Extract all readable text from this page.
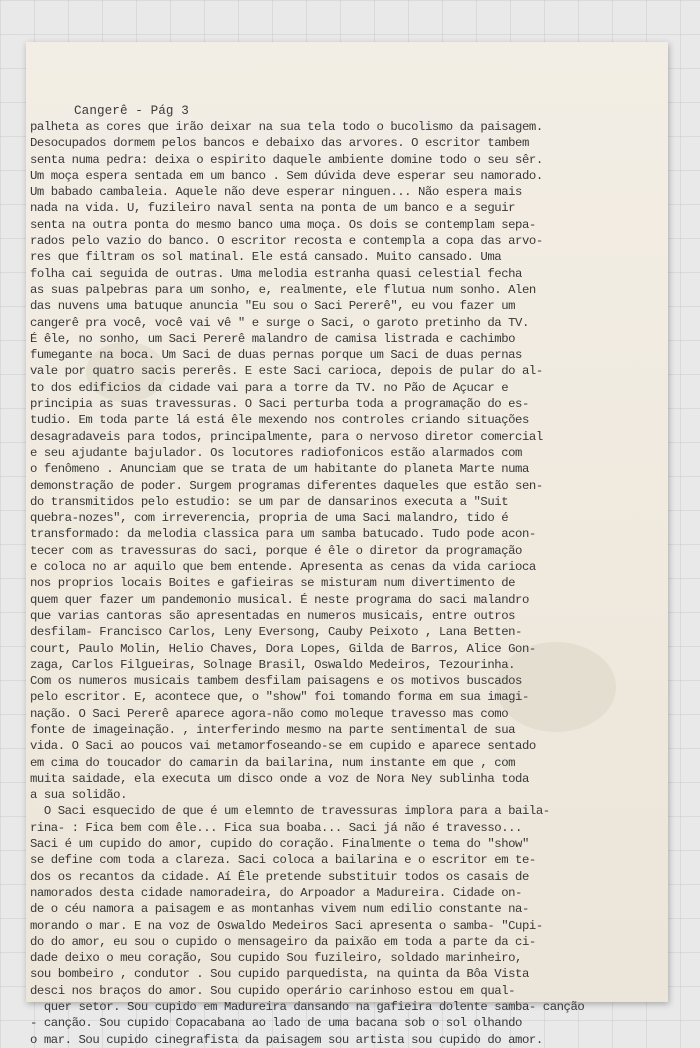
Cangerê - Pág 3
palheta as cores que irão deixar na sua tela todo o bucolismo da paisagem.
Desocupados dormem pelos bancos e debaixo das arvores. O escritor tambem
senta numa pedra: deixa o espirito daquele ambiente domine todo o seu sêr.
Um moça espera sentada em um banco . Sem dúvida deve esperar seu namorado.
Um babado cambaleia. Aquele não deve esperar ninguen... Não espera mais
nada na vida. U, fuzileiro naval senta na ponta de um banco e a seguir
senta na outra ponta do mesmo banco uma moça. Os dois se contemplam sepa-
rados pelo vazio do banco. O escritor recosta e contempla a copa das arvo-
res que filtram os sol matinal. Ele está cansado. Muito cansado. Uma
folha cai seguida de outras. Uma melodia estranha quasi celestial fecha
as suas palpebras para um sonho, e, realmente, ele flutua num sonho. Alen
das nuvens uma batuque anuncia "Eu sou o Saci Pererê", eu vou fazer um
cangerê pra você, você vai vê " e surge o Saci, o garoto pretinho da TV.
É êle, no sonho, um Saci Pererê malandro de camisa listrada e cachimbo
fumegante na boca. Um Saci de duas pernas porque um Saci de duas pernas
vale por quatro sacis pererês. E este Saci carioca, depois de pular do al-
to dos edificios da cidade vai para a torre da TV. no Pão de Açucar e
principia as suas travessuras. O Saci perturba toda a programação do es-
tudio. Em toda parte lá está êle mexendo nos controles criando situações
desagradaveis para todos, principalmente, para o nervoso diretor comercial
e seu ajudante bajulador. Os locutores radiofonicos estão alarmados com
o fenômeno . Anunciam que se trata de um habitante do planeta Marte numa
demonstração de poder. Surgem programas diferentes daqueles que estão sen-
do transmitidos pelo estudio: se um par de dansarinos executa a "Suit
quebra-nozes", com irreverencia, propria de uma Saci malandro, tido é
transformado: da melodia classica para um samba batucado. Tudo pode acon-
tecer com as travessuras do saci, porque é êle o diretor da programação
e coloca no ar aquilo que bem entende. Apresenta as cenas da vida carioca
nos proprios locais Boites e gafieiras se misturam num divertimento de
quem quer fazer um pandemonio musical. É neste programa do saci malandro
que varias cantoras são apresentadas en numeros musicais, entre outros
desfilam- Francisco Carlos, Leny Eversong, Cauby Peixoto , Lana Betten-
court, Paulo Molin, Helio Chaves, Dora Lopes, Gilda de Barros, Alice Gon-
zaga, Carlos Filgueiras, Solnage Brasil, Oswaldo Medeiros, Tezourinha.
Com os numeros musicais tambem desfilam paisagens e os motivos buscados
pelo escritor. E, acontece que, o "show" foi tomando forma em sua imagi-
nação. O Saci Pererê aparece agora-não como moleque travesso mas como
fonte de imageinação. , interferindo mesmo na parte sentimental de sua
vida. O Saci ao poucos vai metamorfoseando-se em cupido e aparece sentado
em cima do toucador do camarin da bailarina, num instante em que , com
muita saidade, ela executa um disco onde a voz de Nora Ney sublinha toda
a sua solidão.
O Saci esquecido de que é um elemnto de travessuras implora para a baila-
rina- : Fica bem com êle... Fica sua boaba... Saci já não é travesso...
Saci é um cupido do amor, cupido do coração. Finalmente o tema do "show"
se define com toda a clareza. Saci coloca a bailarina e o escritor em te-
dos os recantos da cidade. Aí Êle pretende substituir todos os casais de
namorados desta cidade namoradeira, do Arpoador a Madureira. Cidade on-
de o céu namora a paisagem e as montanhas vivem num edilio constante na-
morando o mar. E na voz de Oswaldo Medeiros Saci apresenta o samba- "Cupi-
do do amor, eu sou o cupido o mensageiro da paixão em toda a parte da ci-
dade deixo o meu coração, Sou cupido Sou fuzileiro, soldado marinheiro,
sou bombeiro , condutor . Sou cupido parquedista, na quinta da Bôa Vista
desci nos braços do amor. Sou cupido operário carinhoso estou em qual-
quer setor. Sou cupido em Madureira dansando na gafieira dolente samba- canção
- canção. Sou cupido Copacabana ao lado de uma bacana sob o sol olhando
o mar. Sou cupido cinegrafista da paisagem sou artista sou cupido do amor.
